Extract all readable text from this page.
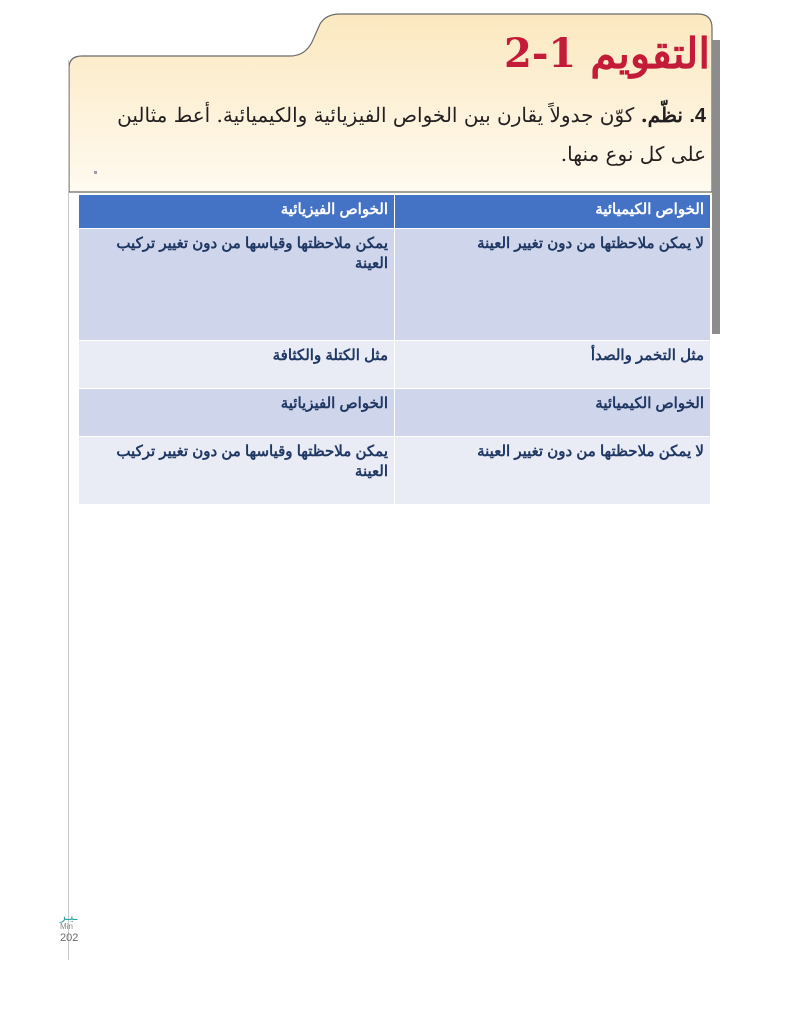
التقويم
2-1
4. نظّم. كوّن جدولاً يقارن بين الخواص الفيزيائية والكيميائية. أعط مثالين على كل نوع منها.
الخواص الكيميائية	الخواص الفيزيائية
لا يمكن ملاحظتها من دون تغيير العينة	يمكن ملاحظتها وقياسها من دون تغيير تركيب العينة
مثل التخمر والصدأ	مثل الكتلة والكثافة
الخواص الكيميائية	الخواص الفيزيائية
لا يمكن ملاحظتها من دون تغيير العينة	يمكن ملاحظتها وقياسها من دون تغيير تركيب العينة
‎ـيـر
Min
202
